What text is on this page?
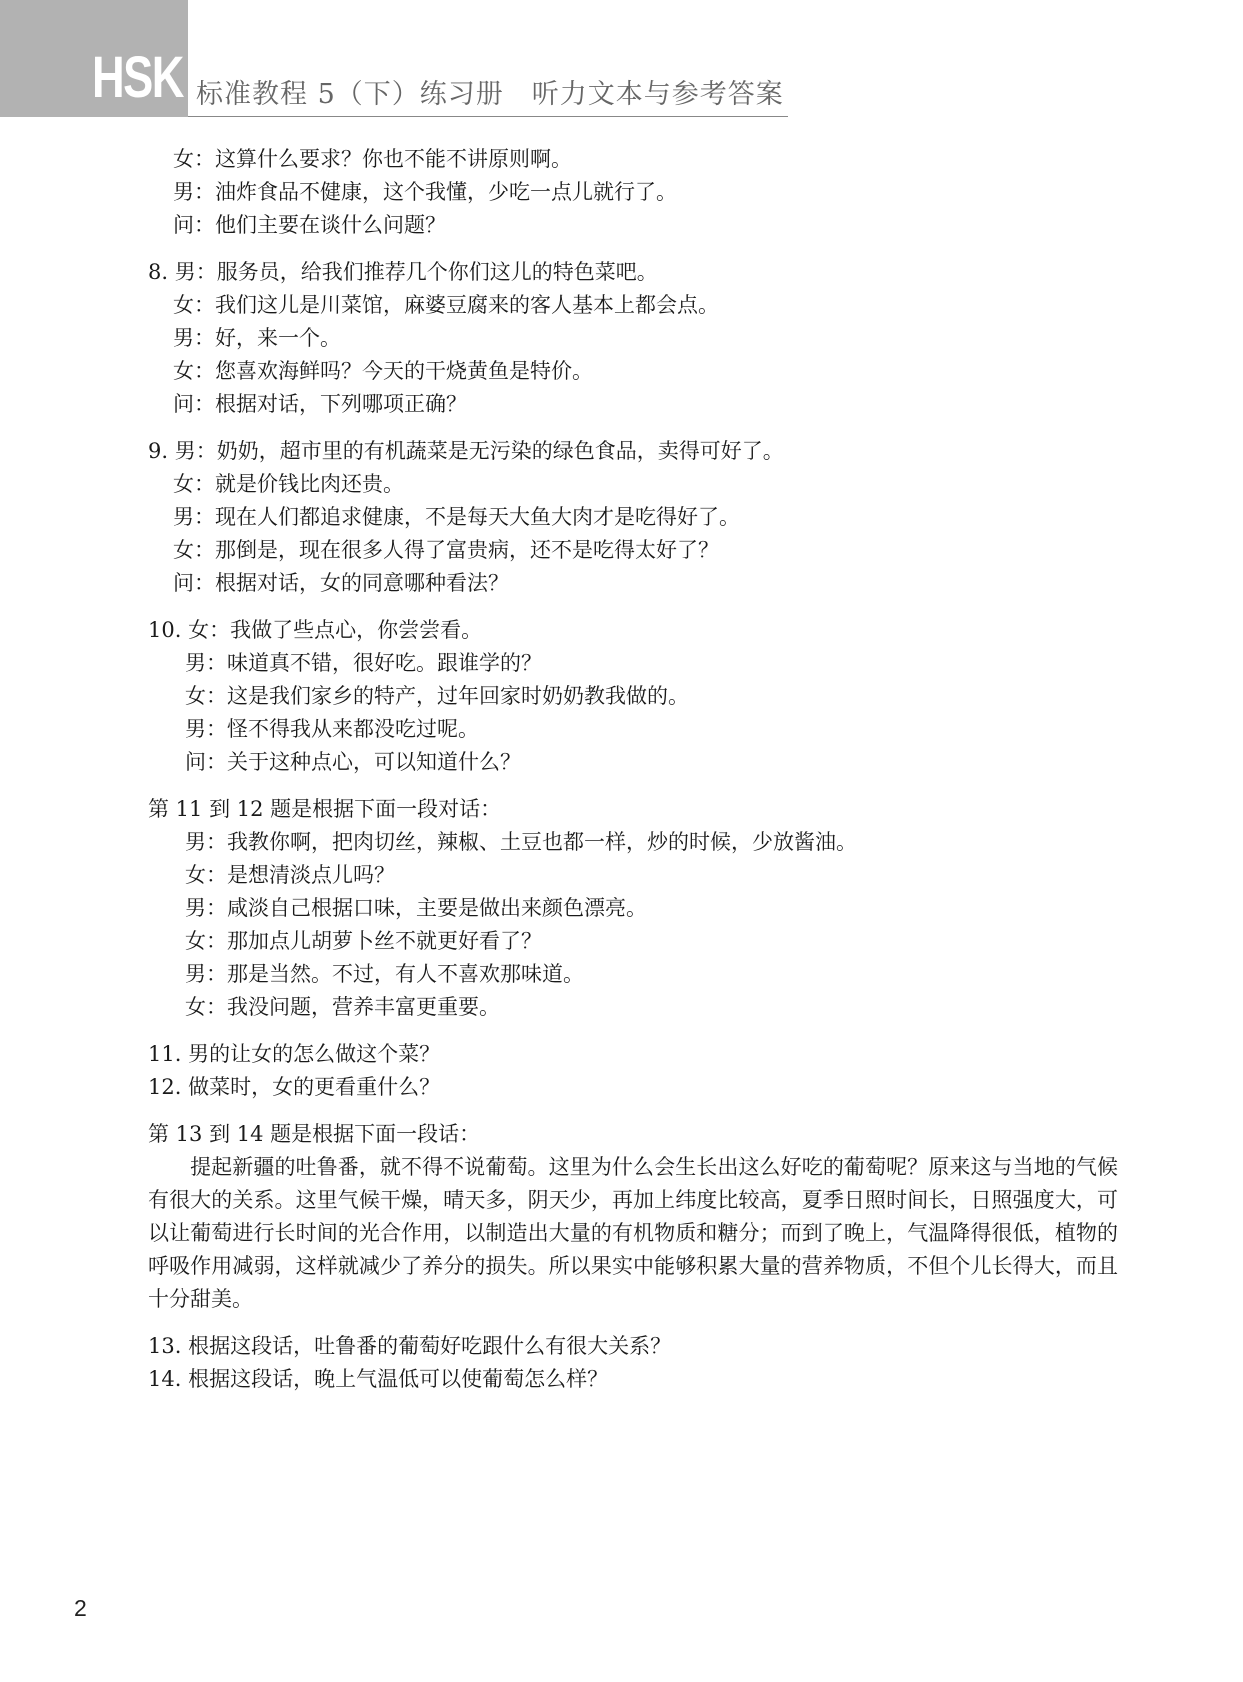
HSK 标准教程 5（下）练习册　听力文本与参考答案
女：这算什么要求？你也不能不讲原则啊。
男：油炸食品不健康，这个我懂，少吃一点儿就行了。
问：他们主要在谈什么问题？
8. 男：服务员，给我们推荐几个你们这儿的特色菜吧。
女：我们这儿是川菜馆，麻婆豆腐来的客人基本上都会点。
男：好，来一个。
女：您喜欢海鲜吗？今天的干烧黄鱼是特价。
问：根据对话，下列哪项正确？
9. 男：奶奶，超市里的有机蔬菜是无污染的绿色食品，卖得可好了。
女：就是价钱比肉还贵。
男：现在人们都追求健康，不是每天大鱼大肉才是吃得好了。
女：那倒是，现在很多人得了富贵病，还不是吃得太好了？
问：根据对话，女的同意哪种看法？
10. 女：我做了些点心，你尝尝看。
男：味道真不错，很好吃。跟谁学的？
女：这是我们家乡的特产，过年回家时奶奶教我做的。
男：怪不得我从来都没吃过呢。
问：关于这种点心，可以知道什么？
第 11 到 12 题是根据下面一段对话：
男：我教你啊，把肉切丝，辣椒、土豆也都一样，炒的时候，少放酱油。
女：是想清淡点儿吗？
男：咸淡自己根据口味，主要是做出来颜色漂亮。
女：那加点儿胡萝卜丝不就更好看了？
男：那是当然。不过，有人不喜欢那味道。
女：我没问题，营养丰富更重要。
11. 男的让女的怎么做这个菜？
12. 做菜时，女的更看重什么？
第 13 到 14 题是根据下面一段话：
提起新疆的吐鲁番，就不得不说葡萄。这里为什么会生长出这么好吃的葡萄呢？原来这与当地的气候有很大的关系。这里气候干燥，晴天多，阴天少，再加上纬度比较高，夏季日照时间长，日照强度大，可以让葡萄进行长时间的光合作用，以制造出大量的有机物质和糖分；而到了晚上，气温降得很低，植物的呼吸作用减弱，这样就减少了养分的损失。所以果实中能够积累大量的营养物质，不但个儿长得大，而且十分甜美。
13. 根据这段话，吐鲁番的葡萄好吃跟什么有很大关系？
14. 根据这段话，晚上气温低可以使葡萄怎么样？
2
